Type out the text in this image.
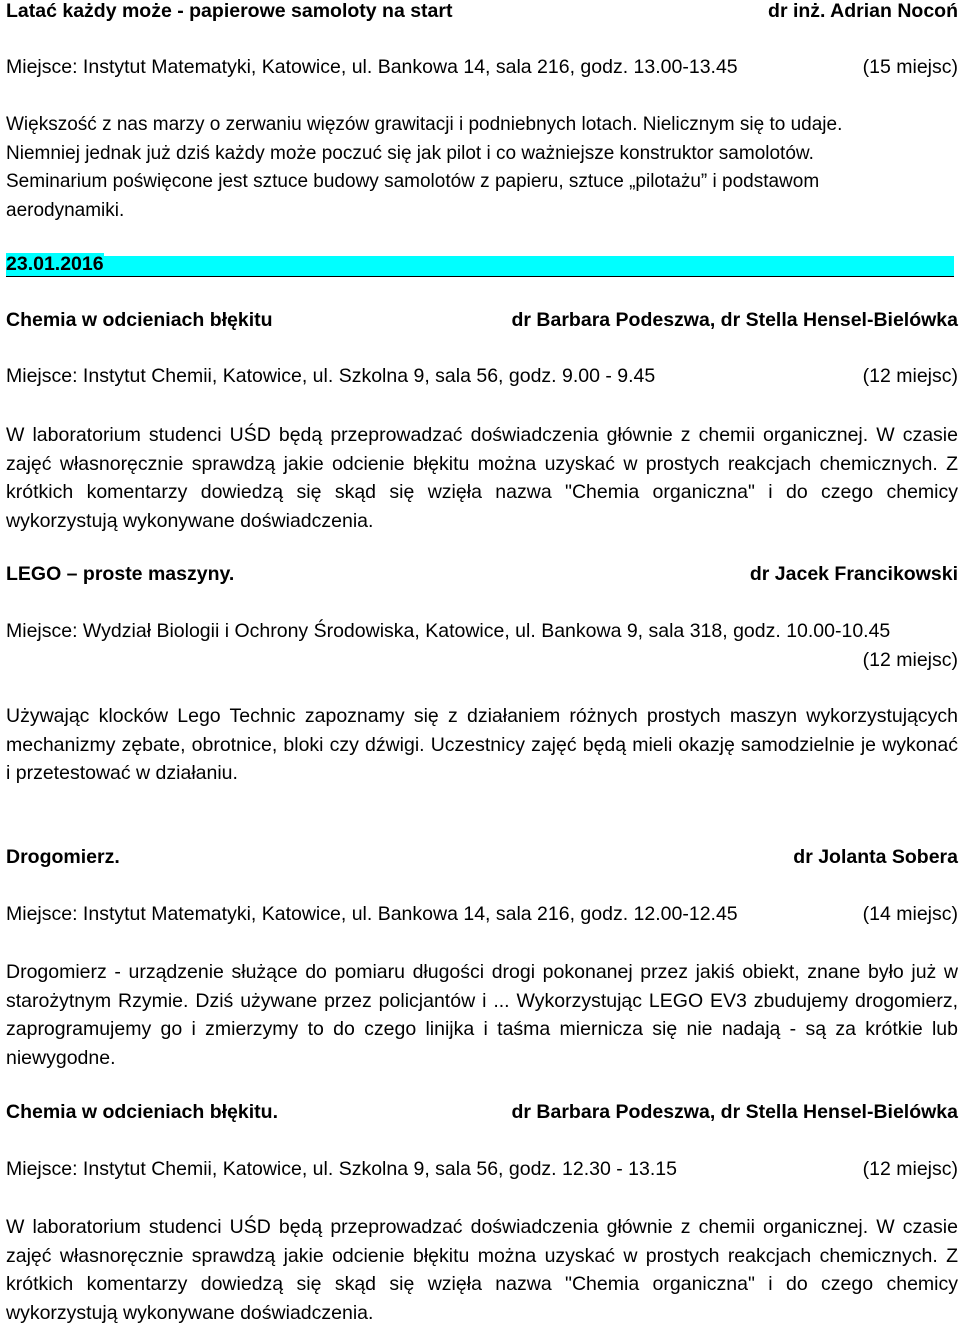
Latać każdy może - papierowe samoloty na start	dr inż. Adrian Nocoń
Miejsce: Instytut Matematyki, Katowice, ul. Bankowa 14, sala 216, godz. 13.00-13.45	(15 miejsc)
Większość z nas marzy o zerwaniu więzów grawitacji i podniebnych lotach. Nielicznym się to udaje.
Niemniej jednak już dziś każdy może poczuć się jak pilot i co ważniejsze konstruktor samolotów.
Seminarium poświęcone jest sztuce budowy samolotów z papieru, sztuce „pilotażu” i podstawom
aerodynamiki.
23.01.2016
Chemia w odcieniach błękitu	dr Barbara Podeszwa, dr Stella Hensel-Bielówka
Miejsce: Instytut Chemii, Katowice, ul. Szkolna 9, sala 56, godz. 9.00 - 9.45	(12 miejsc)
W laboratorium studenci UŚD będą przeprowadzać doświadczenia głównie z chemii organicznej. W czasie zajęć własnoręcznie sprawdzą jakie odcienie błękitu można uzyskać w prostych reakcjach chemicznych. Z krótkich komentarzy dowiedzą się skąd się wzięła nazwa "Chemia organiczna" i do czego chemicy wykorzystują wykonywane doświadczenia.
LEGO – proste maszyny.	dr Jacek Francikowski
Miejsce: Wydział Biologii i Ochrony Środowiska, Katowice, ul. Bankowa 9, sala 318, godz. 10.00-10.45
(12 miejsc)
Używając klocków Lego Technic zapoznamy się z działaniem różnych prostych maszyn wykorzystujących mechanizmy zębate, obrotnice, bloki czy dźwigi. Uczestnicy zajęć będą mieli okazję samodzielnie je wykonać i przetestować w działaniu.
Drogomierz.	dr Jolanta Sobera
Miejsce: Instytut Matematyki, Katowice, ul. Bankowa 14, sala 216, godz. 12.00-12.45	(14 miejsc)
Drogomierz - urządzenie służące do pomiaru długości drogi pokonanej przez jakiś obiekt, znane było już w starożytnym Rzymie. Dziś używane przez policjantów i ... Wykorzystując LEGO EV3 zbudujemy drogomierz, zaprogramujemy go i zmierzymy to do czego linijka i taśma miernicza się nie nadają - są za krótkie lub niewygodne.
Chemia w odcieniach błękitu.	dr Barbara Podeszwa, dr Stella Hensel-Bielówka
Miejsce: Instytut Chemii, Katowice, ul. Szkolna 9, sala 56, godz. 12.30 - 13.15	(12 miejsc)
W laboratorium studenci UŚD będą przeprowadzać doświadczenia głównie z chemii organicznej. W czasie zajęć własnoręcznie sprawdzą jakie odcienie błękitu można uzyskać w prostych reakcjach chemicznych. Z krótkich komentarzy dowiedzą się skąd się wzięła nazwa "Chemia organiczna" i do czego chemicy wykorzystują wykonywane doświadczenia.
